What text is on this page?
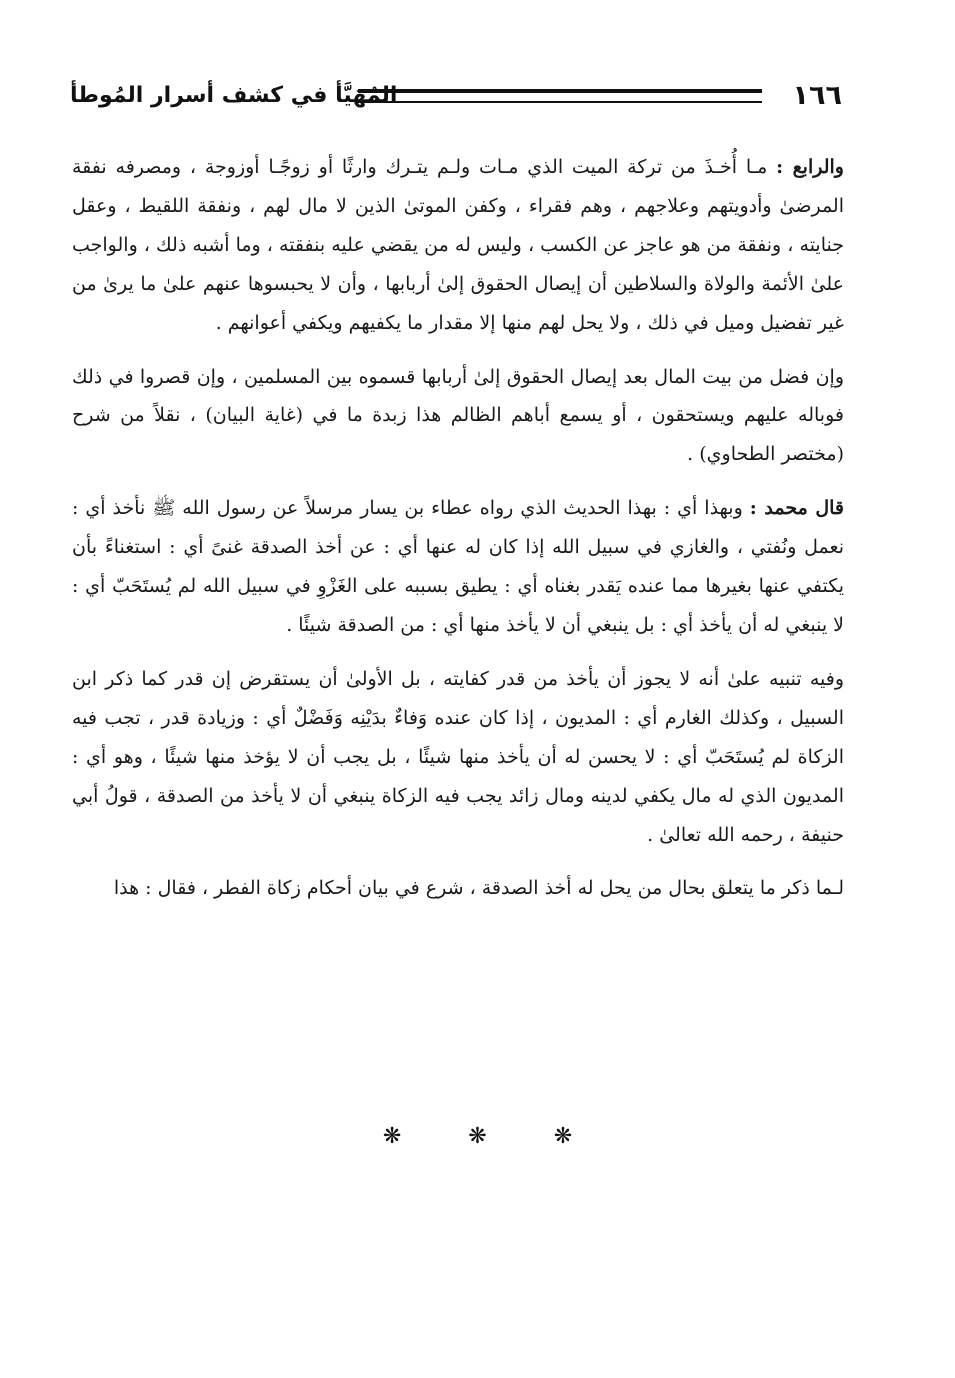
١٦٦
المُهَيَّأ في كشف أسرار المُوطأ

والرابع : مـا أُخـذَ من تركة الميت الذي مـات ولـم يتـرك وارثًا أو زوجًـا أوزوجة ، ومصرفه نفقة المرضىٰ وأدويتهم وعلاجهم ، وهم فقراء ، وكفن الموتىٰ الذين لا مال لهم ، ونفقة اللقيط ، وعقل جنايته ، ونفقة من هو عاجز عن الكسب ، وليس له من يقضي عليه بنفقته ، وما أشبه ذلك ، والواجب علىٰ الأئمة والولاة والسلاطين أن إيصال الحقوق إلىٰ أربابها ، وأن لا يحبسوها عنهم علىٰ ما يرىٰ من غير تفضيل وميل في ذلك ، ولا يحل لهم منها إلا مقدار ما يكفيهم ويكفي أعوانهم .

وإن فضل من بيت المال بعد إيصال الحقوق إلىٰ أربابها قسموه بين المسلمين ، وإن قصروا في ذلك فوباله عليهم ويستحقون ، أو يسمع أباهم الظالم هذا زبدة ما في (غاية البيان) ، نقلاً من شرح (مختصر الطحاوي) .

قال محمد : وبهذا أي : بهذا الحديث الذي رواه عطاء بن يسار مرسلاً عن رسول الله ﷺ نأخذ أي : نعمل ونُفتي ، والغازي في سبيل الله إذا كان له عنها أي : عن أخذ الصدقة غنىً أي : استغناءً بأن يكتفي عنها بغيرها مما عنده يَقدر بغناه أي : يطيق بسببه على الغَزْوِ في سبيل الله لم يُستَحَبّ أي : لا ينبغي له أن يأخذ أي : بل ينبغي أن لا يأخذ منها أي : من الصدقة شيئًا .

وفيه تنبيه علىٰ أنه لا يجوز أن يأخذ من قدر كفايته ، بل الأولىٰ أن يستقرض إن قدر كما ذكر ابن السبيل ، وكذلك الغارم أي : المديون ، إذا كان عنده وَفاءٌ بدَيْنِه وَفَضْلٌ أي : وزيادة قدر ، تجب فيه الزكاة لم يُستَحَبّ أي : لا يحسن له أن يأخذ منها شيئًا ، بل يجب أن لا يؤخذ منها شيئًا ، وهو أي : المديون الذي له مال يكفي لدينه ومال زائد يجب فيه الزكاة ينبغي أن لا يأخذ من الصدقة ، قولُ أبي حنيفة ، رحمه الله تعالىٰ .

لـما ذكر ما يتعلق بحال من يحل له أخذ الصدقة ، شرع في بيان أحكام زكاة الفطر ، فقال : هذا

❋	❋	❋
